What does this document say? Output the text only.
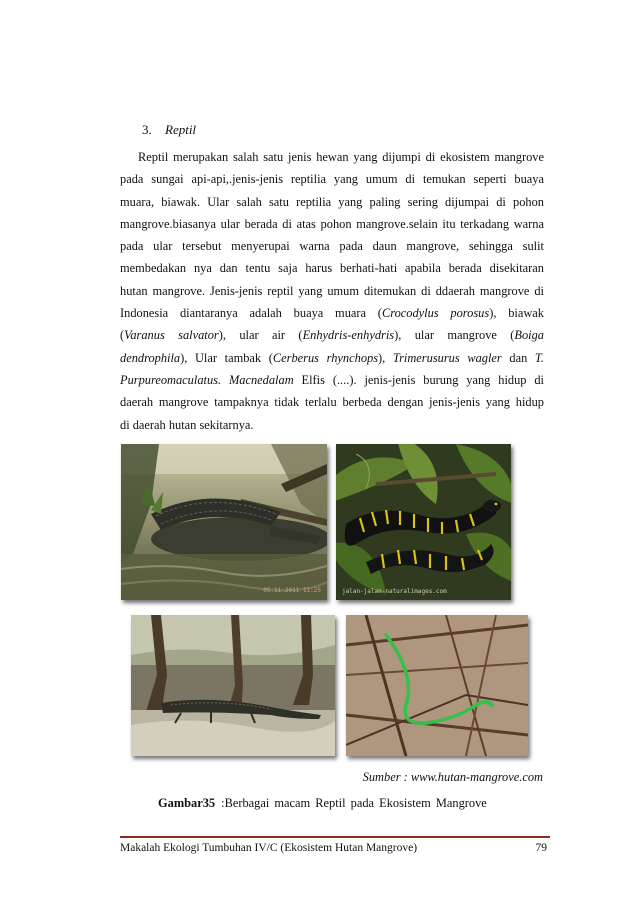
3. Reptil
Reptil merupakan salah satu jenis hewan yang dijumpi di ekosistem mangrove
pada sungai api-api,.jenis-jenis reptilia yang umum di temukan seperti buaya
muara, biawak. Ular salah satu reptilia yang paling sering dijumpai di pohon
mangrove.biasanya ular berada di atas pohon mangrove.selain itu terkadang warna
pada ular tersebut menyerupai warna pada daun mangrove, sehingga sulit
membedakan nya dan tentu saja harus berhati-hati apabila berada disekitaran
hutan mangrove. Jenis-jenis reptil yang umum ditemukan di ddaerah mangrove di
Indonesia diantaranya adalah buaya muara (Crocodylus porosus), biawak
(Varanus salvator), ular air (Enhydris-enhydris), ular mangrove (Boiga
dendrophila), Ular tambak (Cerberus rhynchops), Trimerusurus wagler dan T.
Purpureomaculatus. Macnedalam Elfis (....). jenis-jenis burung yang hidup di
daerah mangrove tampaknya tidak terlalu berbeda dengan jenis-jenis yang hidup
di daerah hutan sekitarnya.
05.11.2011 11:25	jalan-jalan-naturalimages.com
Sumber : www.hutan-mangrove.com
Gambar35 :Berbagai macam Reptil pada Ekosistem Mangrove
Makalah Ekologi Tumbuhan IV/C (Ekosistem Hutan Mangrove)	79
